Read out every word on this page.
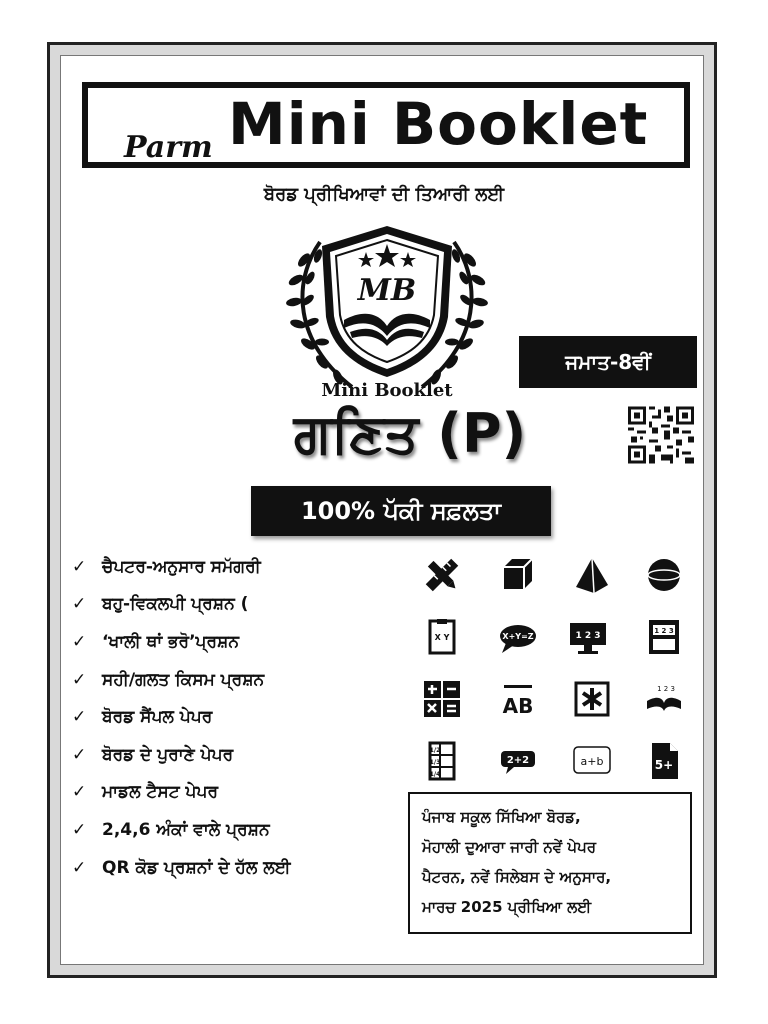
Parm Mini Booklet
ਬੋਰਡ ਪ੍ਰੀਖਿਆਵਾਂ ਦੀ ਤਿਆਰੀ ਲਈ
MB
Mini Booklet
ਜਮਾਤ-8ਵੀਂ
ਗਣਿਤ (P)
100% ਪੱਕੀ ਸਫ਼ਲਤਾ
✓ ਚੈਪਟਰ-ਅਨੁਸਾਰ ਸਮੱਗਰੀ
✓ ਬਹੁ-ਵਿਕਲਪੀ ਪ੍ਰਸ਼ਨ (
✓ ‘ਖਾਲੀ ਥਾਂ ਭਰੋ’ਪ੍ਰਸ਼ਨ
✓ ਸਹੀ/ਗਲਤ ਕਿਸਮ ਪ੍ਰਸ਼ਨ
✓ ਬੋਰਡ ਸੈਂਪਲ ਪੇਪਰ
✓ ਬੋਰਡ ਦੇ ਪੁਰਾਣੇ ਪੇਪਰ
✓ ਮਾਡਲ ਟੈਸਟ ਪੇਪਰ
✓ 2,4,6 ਅੰਕਾਂ ਵਾਲੇ ਪ੍ਰਸ਼ਨ
✓ QR ਕੋਡ ਪ੍ਰਸ਼ਨਾਂ ਦੇ ਹੱਲ ਲਈ
X Y	X+Y=Z	1 2 3	1 2 3
AB
1 2 3
1/2
1/3
1/4
2+2	a+b	5+
ਪੰਜਾਬ ਸਕੂਲ ਸਿੱਖਿਆ ਬੋਰਡ,
ਮੋਹਾਲੀ ਦੁਆਰਾ ਜਾਰੀ ਨਵੇਂ ਪੇਪਰ
ਪੈਟਰਨ, ਨਵੇਂ ਸਿਲੇਬਸ ਦੇ ਅਨੁਸਾਰ,
ਮਾਰਚ 2025 ਪ੍ਰੀਖਿਆ ਲਈ
